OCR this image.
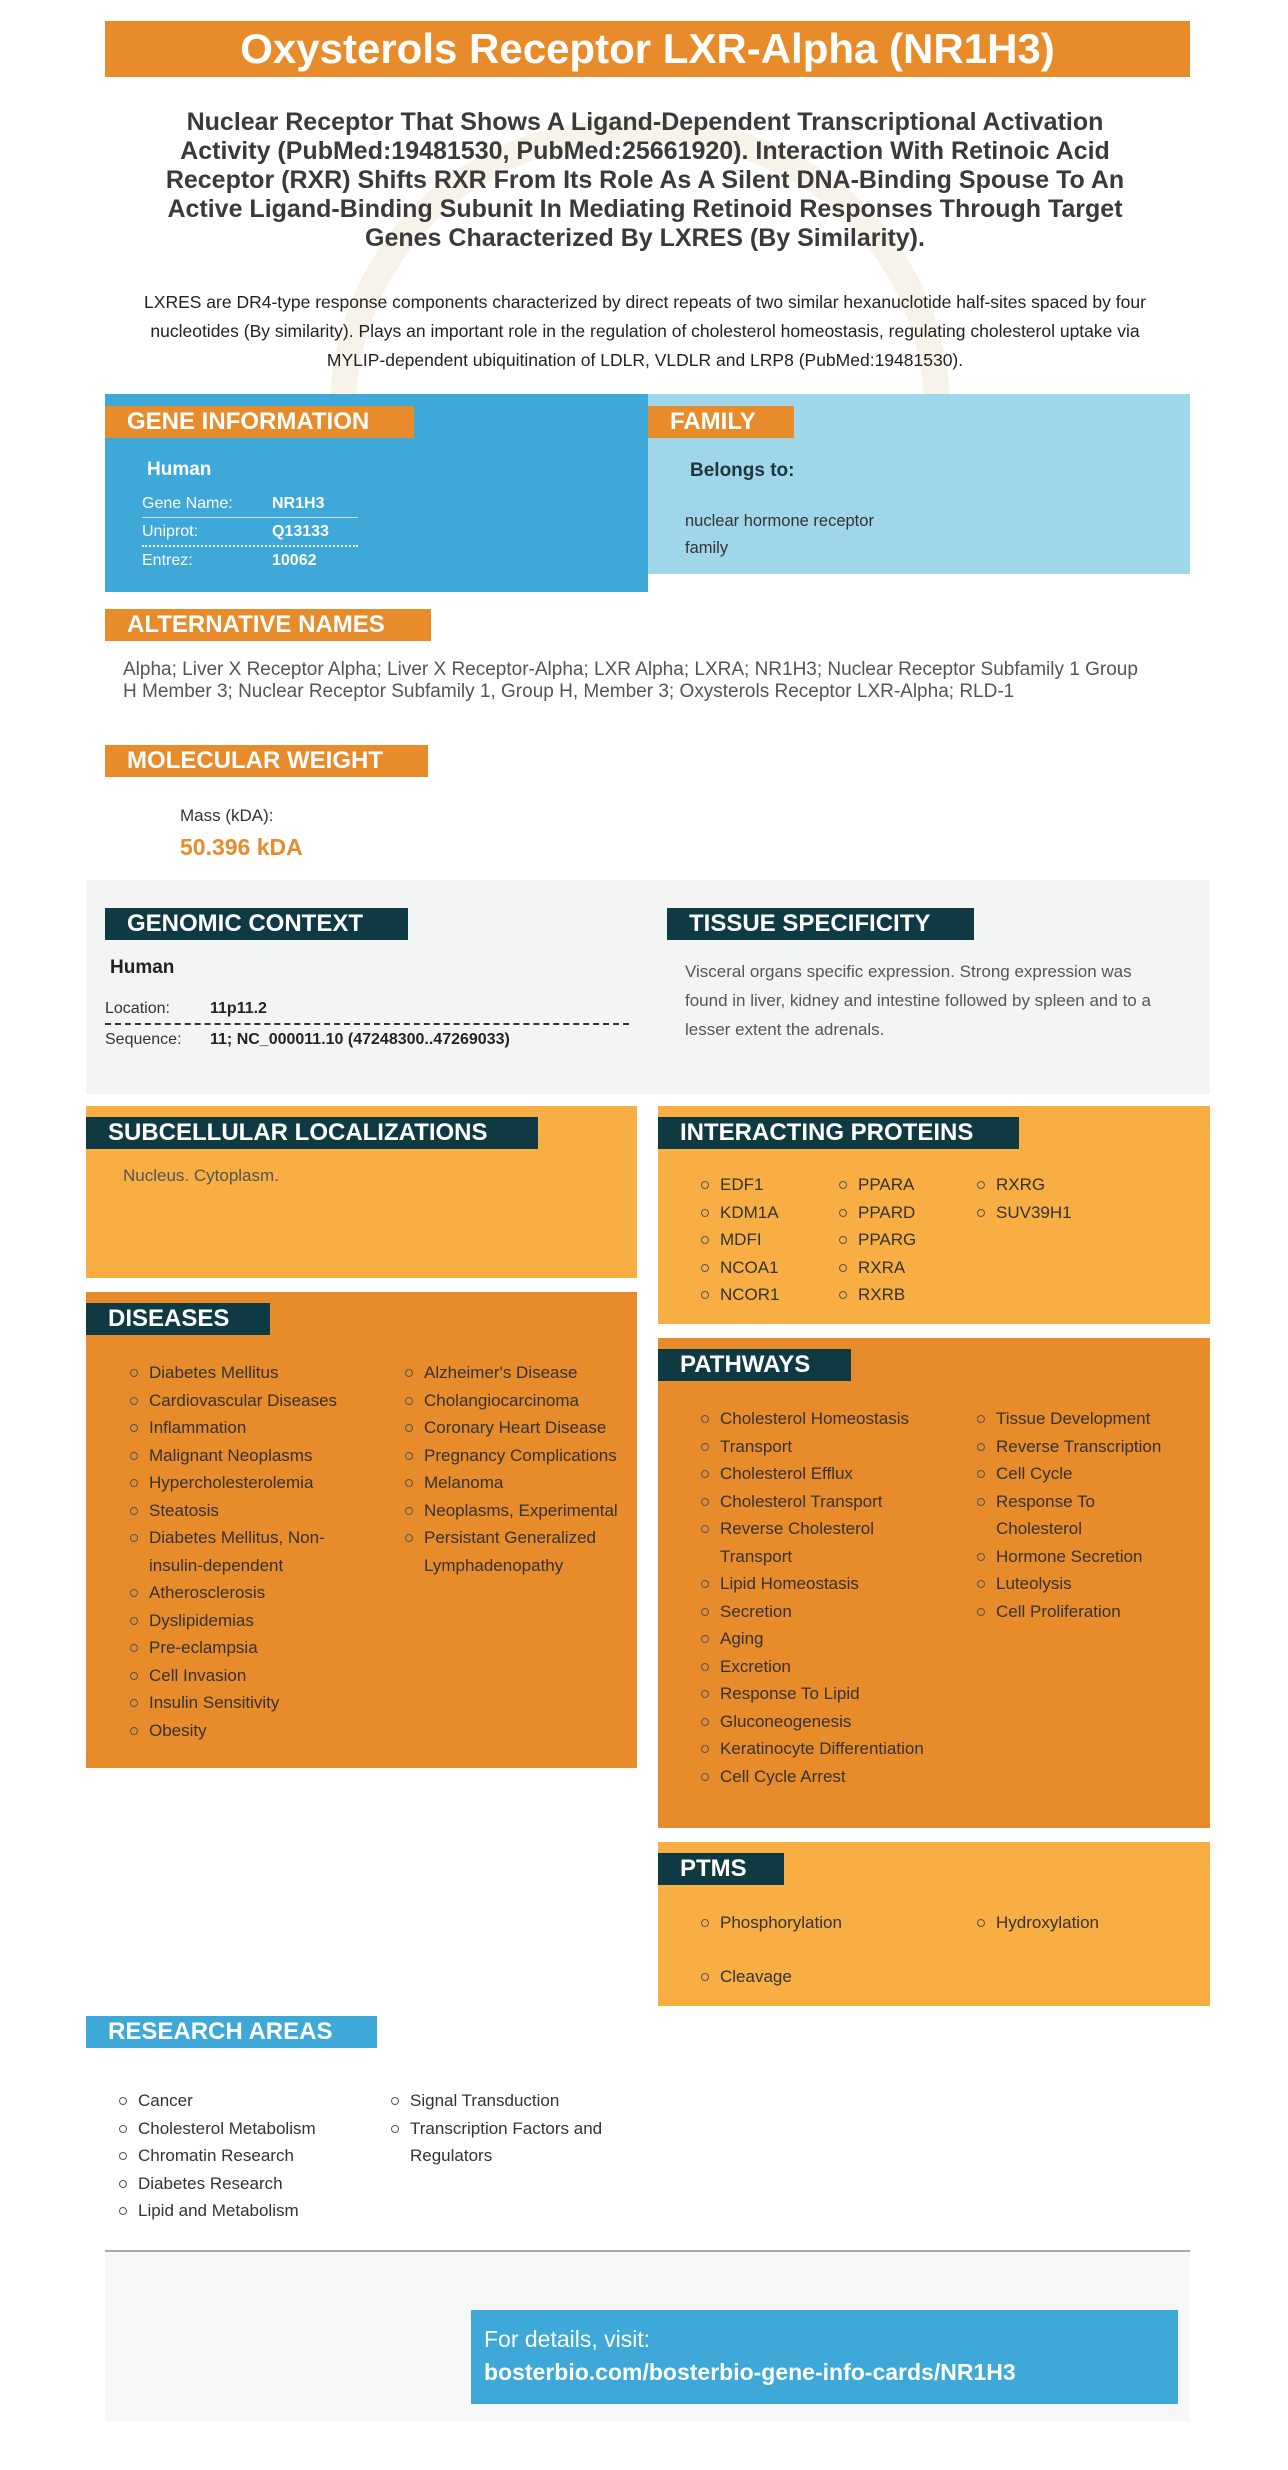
Oxysterols Receptor LXR-Alpha (NR1H3)
Nuclear Receptor That Shows A Ligand-Dependent Transcriptional Activation Activity (PubMed:19481530, PubMed:25661920). Interaction With Retinoic Acid Receptor (RXR) Shifts RXR From Its Role As A Silent DNA-Binding Spouse To An Active Ligand-Binding Subunit In Mediating Retinoid Responses Through Target Genes Characterized By LXRES (By Similarity).
LXRES are DR4-type response components characterized by direct repeats of two similar hexanuclotide half-sites spaced by four nucleotides (By similarity). Plays an important role in the regulation of cholesterol homeostasis, regulating cholesterol uptake via MYLIP-dependent ubiquitination of LDLR, VLDLR and LRP8 (PubMed:19481530).
GENE INFORMATION
Human
Gene Name:	NR1H3
Uniprot:	Q13133
Entrez:	10062
FAMILY
Belongs to:
nuclear hormone receptor family
ALTERNATIVE NAMES
Alpha; Liver X Receptor Alpha; Liver X Receptor-Alpha; LXR Alpha; LXRA; NR1H3; Nuclear Receptor Subfamily 1 Group H Member 3; Nuclear Receptor Subfamily 1, Group H, Member 3; Oxysterols Receptor LXR-Alpha; RLD-1
MOLECULAR WEIGHT
Mass (kDA):
50.396 kDA
GENOMIC CONTEXT
Human
Location:	11p11.2
Sequence:	11; NC_000011.10 (47248300..47269033)
TISSUE SPECIFICITY
Visceral organs specific expression. Strong expression was found in liver, kidney and intestine followed by spleen and to a lesser extent the adrenals.
SUBCELLULAR LOCALIZATIONS
Nucleus. Cytoplasm.
INTERACTING PROTEINS
EDF1
KDM1A
MDFI
NCOA1
NCOR1
PPARA
PPARD
PPARG
RXRA
RXRB
RXRG
SUV39H1
DISEASES
Diabetes Mellitus
Cardiovascular Diseases
Inflammation
Malignant Neoplasms
Hypercholesterolemia
Steatosis
Diabetes Mellitus, Non-insulin-dependent
Atherosclerosis
Dyslipidemias
Pre-eclampsia
Cell Invasion
Insulin Sensitivity
Obesity
Alzheimer's Disease
Cholangiocarcinoma
Coronary Heart Disease
Pregnancy Complications
Melanoma
Neoplasms, Experimental
Persistant Generalized Lymphadenopathy
PATHWAYS
Cholesterol Homeostasis
Transport
Cholesterol Efflux
Cholesterol Transport
Reverse Cholesterol Transport
Lipid Homeostasis
Secretion
Aging
Excretion
Response To Lipid
Gluconeogenesis
Keratinocyte Differentiation
Cell Cycle Arrest
Tissue Development
Reverse Transcription
Cell Cycle
Response To Cholesterol
Hormone Secretion
Luteolysis
Cell Proliferation
PTMS
Phosphorylation
Cleavage
Hydroxylation
RESEARCH AREAS
Cancer
Cholesterol Metabolism
Chromatin Research
Diabetes Research
Lipid and Metabolism
Signal Transduction
Transcription Factors and Regulators
For details, visit:
bosterbio.com/bosterbio-gene-info-cards/NR1H3
